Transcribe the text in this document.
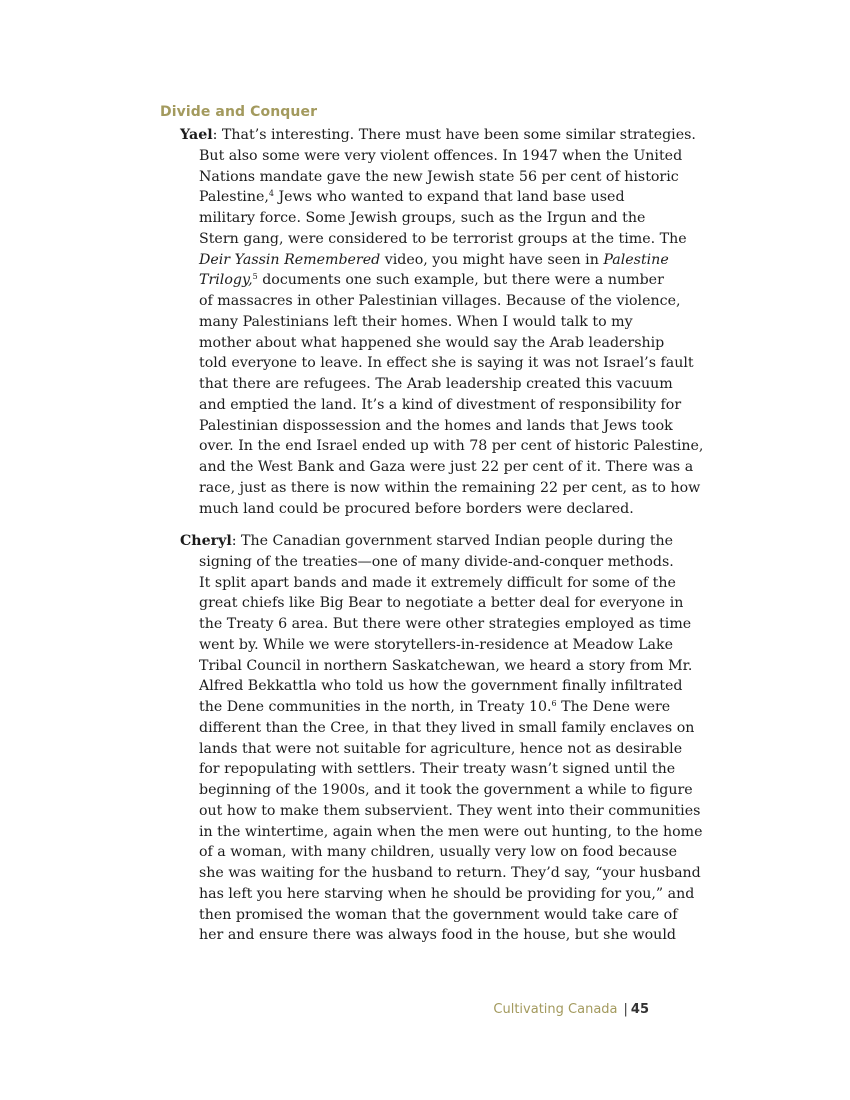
Divide and Conquer

Yael: That’s interesting. There must have been some similar strategies.

But also some were very violent offences. In 1947 when the United

Nations mandate gave the new Jewish state 56 per cent of historic

Palestine,$^4$ Jews who wanted to expand that land base used

military force. Some Jewish groups, such as the Irgun and the

Stern gang, were considered to be terrorist groups at the time. The

Deir Yassin Remembered video, you might have seen in Palestine

Trilogy,$^5$ documents one such example, but there were a number

of massacres in other Palestinian villages. Because of the violence,

many Palestinians left their homes. When I would talk to my

mother about what happened she would say the Arab leadership

told everyone to leave. In effect she is saying it was not Israel’s fault

that there are refugees. The Arab leadership created this vacuum

and emptied the land. It’s a kind of divestment of responsibility for

Palestinian dispossession and the homes and lands that Jews took

over. In the end Israel ended up with 78 per cent of historic Palestine,

and the West Bank and Gaza were just 22 per cent of it. There was a

race, just as there is now within the remaining 22 per cent, as to how

much land could be procured before borders were declared.

Cheryl: The Canadian government starved Indian people during the

signing of the treaties—one of many divide-and-conquer methods.

It split apart bands and made it extremely difficult for some of the

great chiefs like Big Bear to negotiate a better deal for everyone in

the Treaty 6 area. But there were other strategies employed as time

went by. While we were storytellers-in-residence at Meadow Lake

Tribal Council in northern Saskatchewan, we heard a story from Mr.

Alfred Bekkattla who told us how the government finally infiltrated

the Dene communities in the north, in Treaty 10.$^6$ The Dene were

different than the Cree, in that they lived in small family enclaves on

lands that were not suitable for agriculture, hence not as desirable

for repopulating with settlers. Their treaty wasn’t signed until the

beginning of the 1900s, and it took the government a while to figure

out how to make them subservient. They went into their communities

in the wintertime, again when the men were out hunting, to the home

of a woman, with many children, usually very low on food because

she was waiting for the husband to return. They’d say, “your husband

has left you here starving when he should be providing for you,” and

then promised the woman that the government would take care of

her and ensure there was always food in the house, but she would

Cultivating Canada | 45
